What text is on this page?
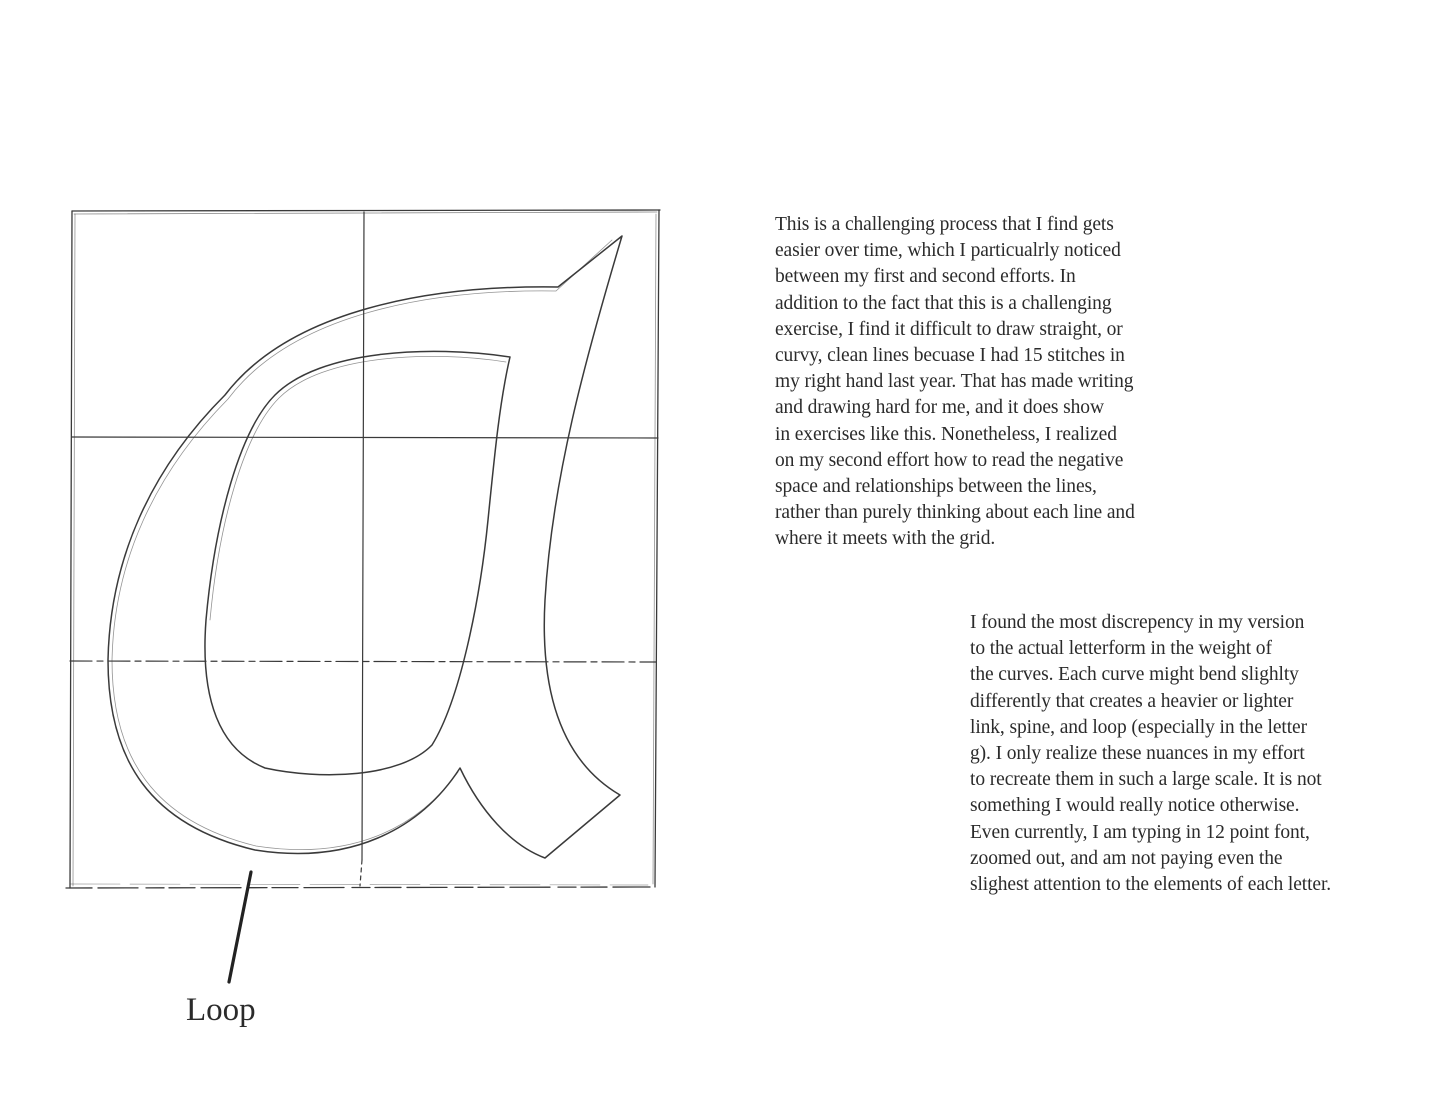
Loop

This is a challenging process that I find gets
easier over time, which I particualrly noticed
between my first and second efforts. In
addition to the fact that this is a challenging
exercise, I find it difficult to draw straight, or
curvy, clean lines becuase I had 15 stitches in
my right hand last year. That has made writing
and drawing hard for me, and it does show
in exercises like this. Nonetheless, I realized
on my second effort how to read the negative
space and relationships between the lines,
rather than purely thinking about each line and
where it meets with the grid.

I found the most discrepency in my version
to the actual letterform in the weight of
the curves. Each curve might bend slighlty
differently that creates a heavier or lighter
link, spine, and loop (especially in the letter
g). I only realize these nuances in my effort
to recreate them in such a large scale. It is not
something I would really notice otherwise.
Even currently, I am typing in 12 point font,
zoomed out, and am not paying even the
slighest attention to the elements of each letter.
